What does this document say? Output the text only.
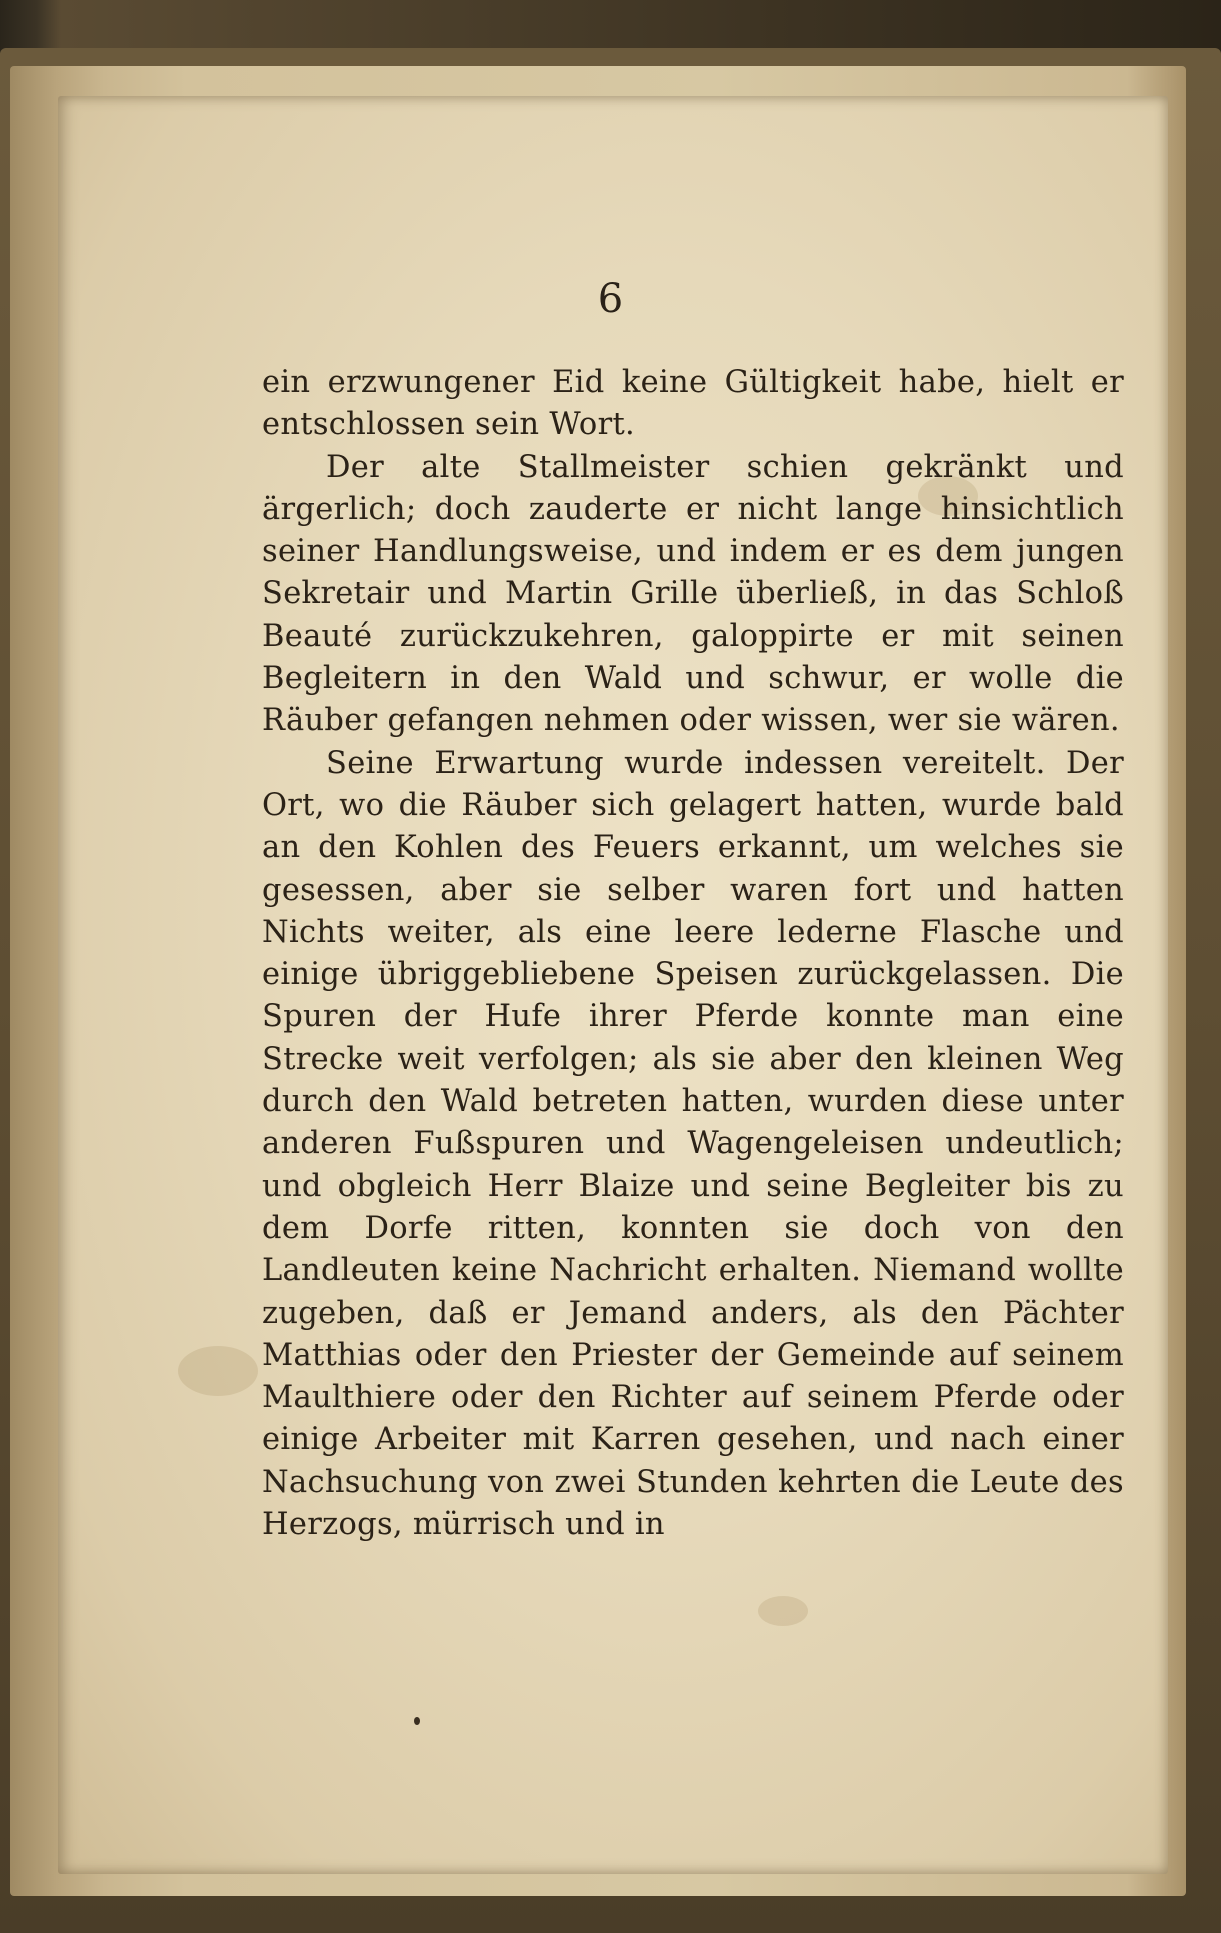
6

ein erzwungener Eid keine Gültigkeit habe, hielt er entschlossen sein Wort.

Der alte Stallmeister schien gekränkt und ärgerlich; doch zauderte er nicht lange hinsichtlich seiner Handlungsweise, und indem er es dem jungen Sekretair und Martin Grille überließ, in das Schloß Beauté zurückzukehren, galoppirte er mit seinen Begleitern in den Wald und schwur, er wolle die Räuber gefangen nehmen oder wissen, wer sie wären.

Seine Erwartung wurde indessen vereitelt. Der Ort, wo die Räuber sich gelagert hatten, wurde bald an den Kohlen des Feuers erkannt, um welches sie gesessen, aber sie selber waren fort und hatten Nichts weiter, als eine leere lederne Flasche und einige übriggebliebene Speisen zurückgelassen. Die Spuren der Hufe ihrer Pferde konnte man eine Strecke weit verfolgen; als sie aber den kleinen Weg durch den Wald betreten hatten, wurden diese unter anderen Fußspuren und Wagengeleisen undeutlich; und obgleich Herr Blaize und seine Begleiter bis zu dem Dorfe ritten, konnten sie doch von den Landleuten keine Nachricht erhalten. Niemand wollte zugeben, daß er Jemand anders, als den Pächter Matthias oder den Priester der Gemeinde auf seinem Maulthiere oder den Richter auf seinem Pferde oder einige Arbeiter mit Karren gesehen, und nach einer Nachsuchung von zwei Stunden kehrten die Leute des Herzogs, mürrisch und in
